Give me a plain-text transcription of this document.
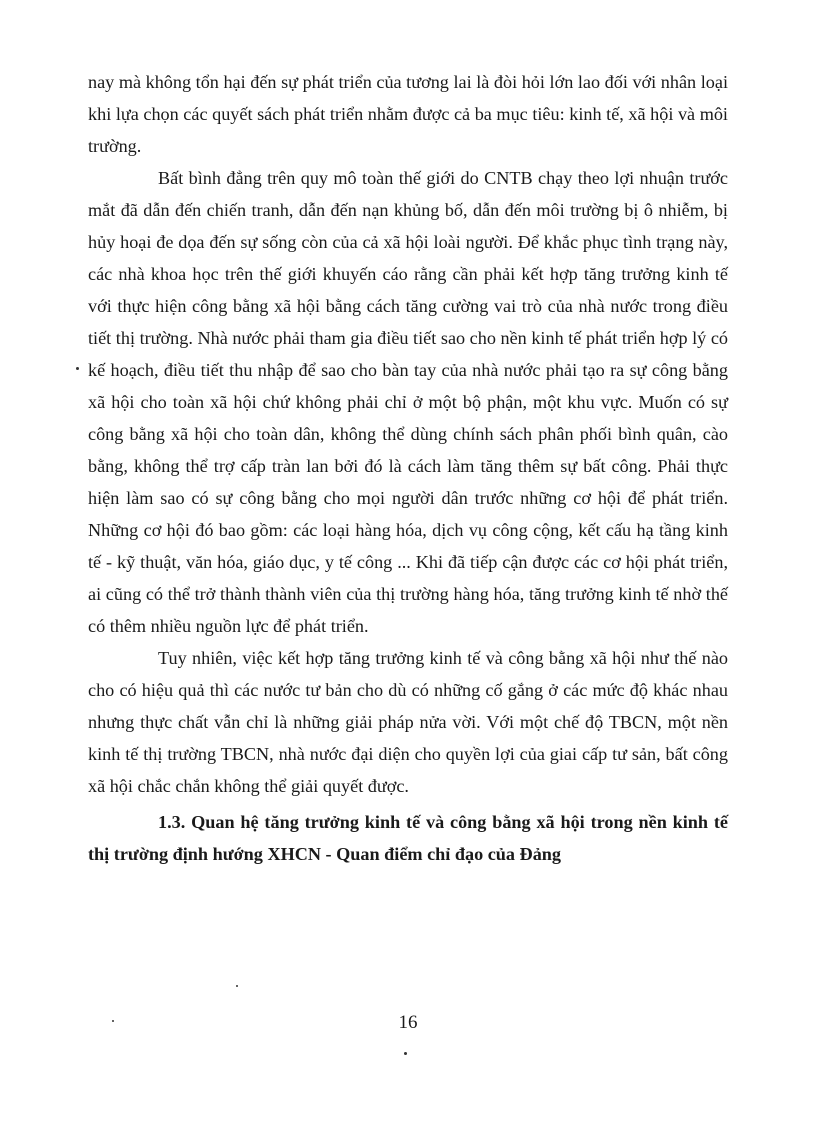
nay mà không tổn hại đến sự phát triển của tương lai là đòi hỏi lớn lao đối với nhân loại khi lựa chọn các quyết sách phát triển nhằm được cả ba mục tiêu: kinh tế, xã hội và môi trường.

Bất bình đẳng trên quy mô toàn thế giới do CNTB chạy theo lợi nhuận trước mắt đã dẫn đến chiến tranh, dẫn đến nạn khủng bố, dẫn đến môi trường bị ô nhiễm, bị hủy hoại đe dọa đến sự sống còn của cả xã hội loài người. Để khắc phục tình trạng này, các nhà khoa học trên thế giới khuyến cáo rằng cần phải kết hợp tăng trưởng kinh tế với thực hiện công bằng xã hội bằng cách tăng cường vai trò của nhà nước trong điều tiết thị trường. Nhà nước phải tham gia điều tiết sao cho nền kinh tế phát triển hợp lý có kế hoạch, điều tiết thu nhập để sao cho bàn tay của nhà nước phải tạo ra sự công bằng xã hội cho toàn xã hội chứ không phải chỉ ở một bộ phận, một khu vực. Muốn có sự công bằng xã hội cho toàn dân, không thể dùng chính sách phân phối bình quân, cào bằng, không thể trợ cấp tràn lan bởi đó là cách làm tăng thêm sự bất công. Phải thực hiện làm sao có sự công bằng cho mọi người dân trước những cơ hội để phát triển. Những cơ hội đó bao gồm: các loại hàng hóa, dịch vụ công cộng, kết cấu hạ tầng kinh tế - kỹ thuật, văn hóa, giáo dục, y tế công ... Khi đã tiếp cận được các cơ hội phát triển, ai cũng có thể trở thành thành viên của thị trường hàng hóa, tăng trưởng kinh tế nhờ thế có thêm nhiều nguồn lực để phát triển.

Tuy nhiên, việc kết hợp tăng trưởng kinh tế và công bằng xã hội như thế nào cho có hiệu quả thì các nước tư bản cho dù có những cố gắng ở các mức độ khác nhau nhưng thực chất vẫn chỉ là những giải pháp nửa vời. Với một chế độ TBCN, một nền kinh tế thị trường TBCN, nhà nước đại diện cho quyền lợi của giai cấp tư sản, bất công xã hội chắc chắn không thể giải quyết được.

1.3. Quan hệ tăng trưởng kinh tế và công bằng xã hội trong nền kinh tế thị trường định hướng XHCN - Quan điểm chỉ đạo của Đảng

16
